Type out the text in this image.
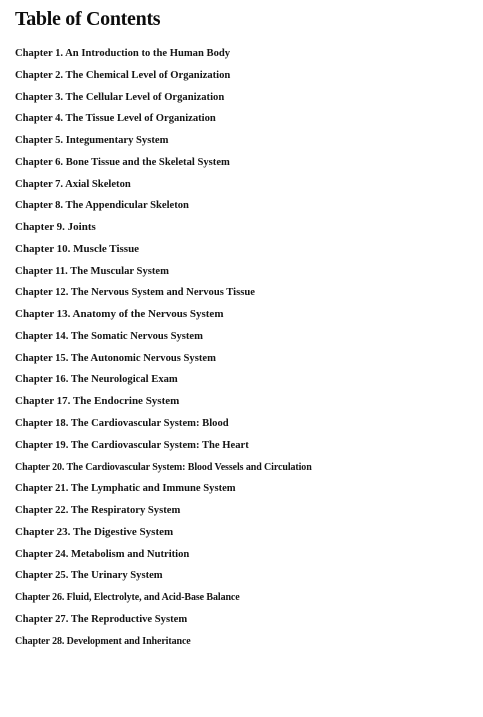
Table of Contents
Chapter 1. An Introduction to the Human Body
Chapter 2. The Chemical Level of Organization
Chapter 3. The Cellular Level of Organization
Chapter 4. The Tissue Level of Organization
Chapter 5. Integumentary System
Chapter 6. Bone Tissue and the Skeletal System
Chapter 7. Axial Skeleton
Chapter 8. The Appendicular Skeleton
Chapter 9. Joints
Chapter 10. Muscle Tissue
Chapter 11. The Muscular System
Chapter 12. The Nervous System and Nervous Tissue
Chapter 13. Anatomy of the Nervous System
Chapter 14. The Somatic Nervous System
Chapter 15. The Autonomic Nervous System
Chapter 16. The Neurological Exam
Chapter 17. The Endocrine System
Chapter 18. The Cardiovascular System: Blood
Chapter 19. The Cardiovascular System: The Heart
Chapter 20. The Cardiovascular System: Blood Vessels and Circulation
Chapter 21. The Lymphatic and Immune System
Chapter 22. The Respiratory System
Chapter 23. The Digestive System
Chapter 24. Metabolism and Nutrition
Chapter 25. The Urinary System
Chapter 26. Fluid, Electrolyte, and Acid-Base Balance
Chapter 27. The Reproductive System
Chapter 28. Development and Inheritance
